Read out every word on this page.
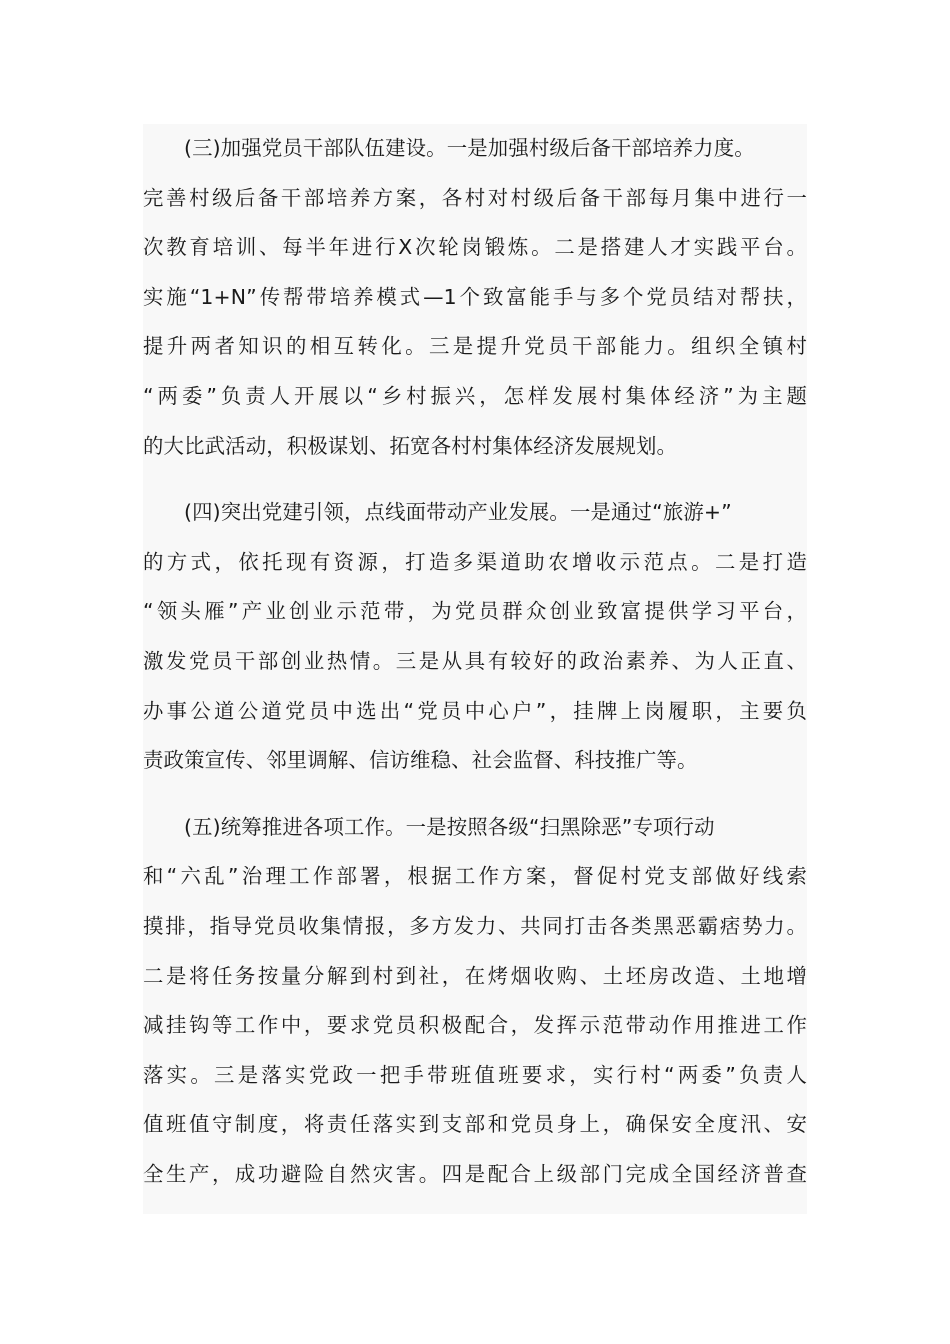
(三)加强党员干部队伍建设。一是加强村级后备干部培养力度。
完善村级后备干部培养方案，各村对村级后备干部每月集中进行一
次教育培训、每半年进行X次轮岗锻炼。二是搭建人才实践平台。
实施“1+N”传帮带培养模式—1个致富能手与多个党员结对帮扶，
提升两者知识的相互转化。三是提升党员干部能力。组织全镇村
“两委”负责人开展以“乡村振兴，怎样发展村集体经济”为主题
的大比武活动，积极谋划、拓宽各村村集体经济发展规划。
(四)突出党建引领，点线面带动产业发展。一是通过“旅游+”
的方式，依托现有资源，打造多渠道助农增收示范点。二是打造
“领头雁”产业创业示范带，为党员群众创业致富提供学习平台，
激发党员干部创业热情。三是从具有较好的政治素养、为人正直、
办事公道公道党员中选出“党员中心户”，挂牌上岗履职，主要负
责政策宣传、邻里调解、信访维稳、社会监督、科技推广等。
(五)统筹推进各项工作。一是按照各级“扫黑除恶”专项行动
和“六乱”治理工作部署，根据工作方案，督促村党支部做好线索
摸排，指导党员收集情报，多方发力、共同打击各类黑恶霸痞势力。
二是将任务按量分解到村到社，在烤烟收购、土坯房改造、土地增
减挂钩等工作中，要求党员积极配合，发挥示范带动作用推进工作
落实。三是落实党政一把手带班值班要求，实行村“两委”负责人
值班值守制度，将责任落实到支部和党员身上，确保安全度汛、安
全生产，成功避险自然灾害。四是配合上级部门完成全国经济普查
